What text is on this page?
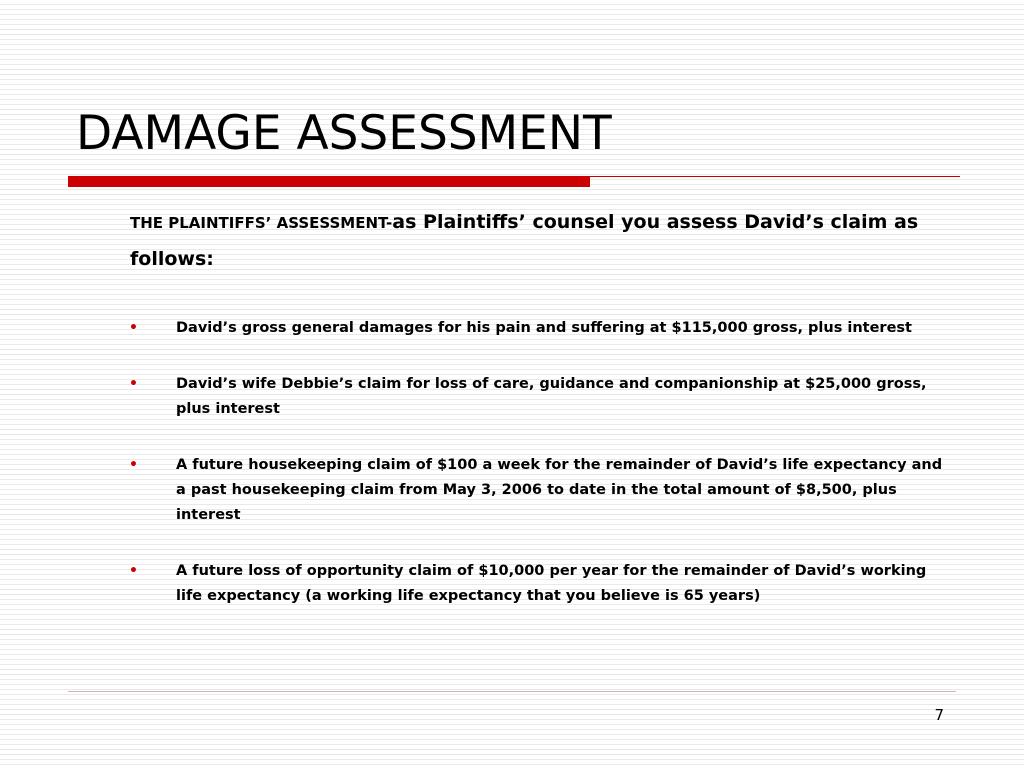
DAMAGE ASSESSMENT

THE PLAINTIFFS’ ASSESSMENT-as Plaintiffs’ counsel you assess David’s claim as follows:

•	David’s gross general damages for his pain and suffering at $115,000 gross, plus interest
•	David’s wife Debbie’s claim for loss of care, guidance and companionship at $25,000 gross, plus interest
•	A future housekeeping claim of $100 a week for the remainder of David’s life expectancy and a past housekeeping claim from May 3, 2006 to date in the total amount of $8,500, plus interest
•	A future loss of opportunity claim of $10,000 per year for the remainder of David’s working life expectancy (a working life expectancy that you believe is 65 years)
7
